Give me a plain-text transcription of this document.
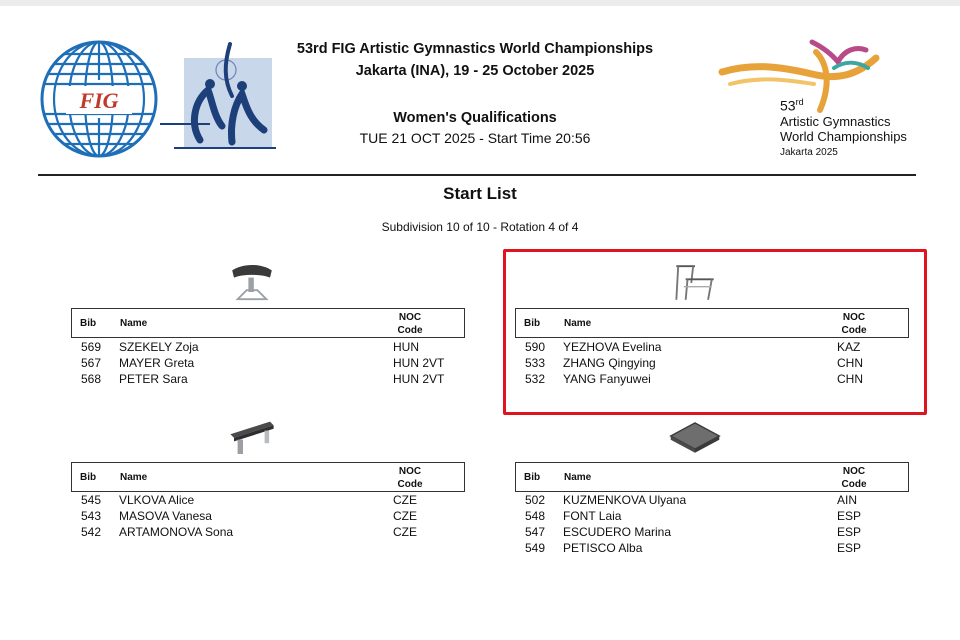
FIG
53rd FIG Artistic Gymnastics World Championships
Jakarta (INA), 19 - 25 October 2025
Women's Qualifications
TUE 21 OCT 2025 - Start Time 20:56
53rd
Artistic Gymnastics
World Championships
Jakarta 2025
Start List
Subdivision 10 of 10 - Rotation 4 of 4
Bib Name
NOC
Code
569 SZEKELY Zoja	HUN
567 MAYER Greta	HUN 2VT
568 PETER Sara	HUN 2VT
Bib Name
NOC
Code
590 YEZHOVA Evelina	KAZ
533 ZHANG Qingying	CHN
532 YANG Fanyuwei	CHN
Bib Name
NOC
Code
545 VLKOVA Alice	CZE
543 MASOVA Vanesa	CZE
542 ARTAMONOVA Sona	CZE
Bib Name
NOC
Code
502 KUZMENKOVA Ulyana	AIN
548 FONT Laia	ESP
547 ESCUDERO Marina	ESP
549 PETISCO Alba	ESP
